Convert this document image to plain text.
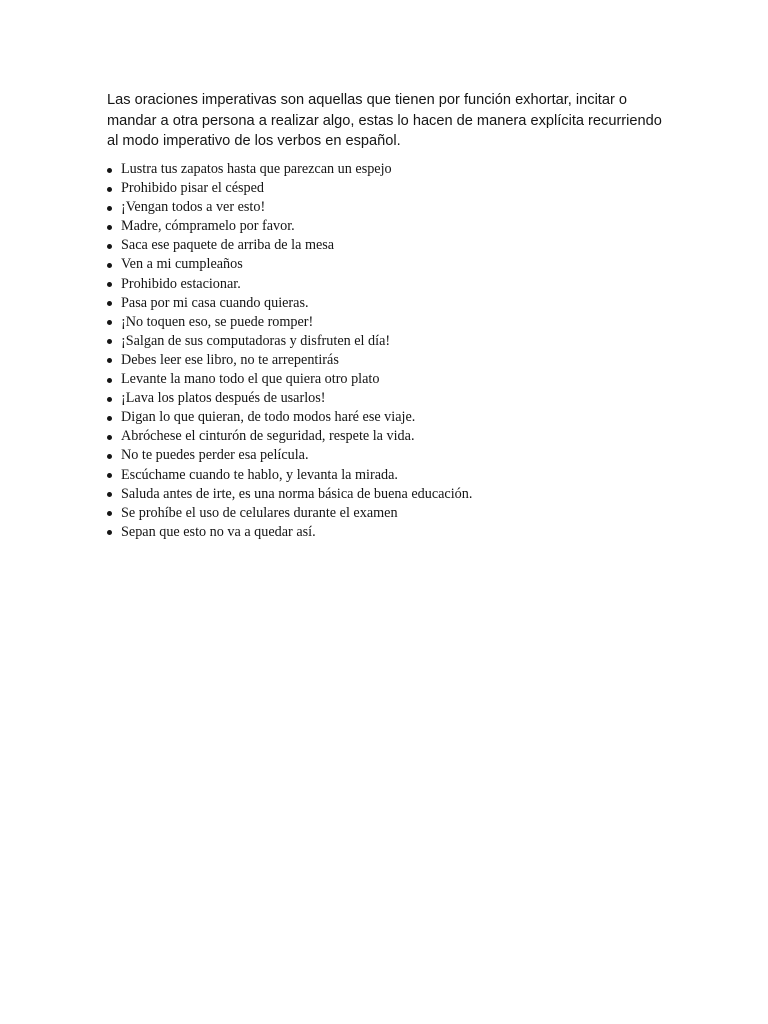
Las oraciones imperativas son aquellas que tienen por función exhortar, incitar o mandar a otra persona a realizar algo, estas lo hacen de manera explícita recurriendo al modo imperativo de los verbos en español.

Lustra tus zapatos hasta que parezcan un espejo
Prohibido pisar el césped
¡Vengan todos a ver esto!
Madre, cómpramelo por favor.
Saca ese paquete de arriba de la mesa
Ven a mi cumpleaños
Prohibido estacionar.
Pasa por mi casa cuando quieras.
¡No toquen eso, se puede romper!
¡Salgan de sus computadoras y disfruten el día!
Debes leer ese libro, no te arrepentirás
Levante la mano todo el que quiera otro plato
¡Lava los platos después de usarlos!
Digan lo que quieran, de todo modos haré ese viaje.
Abróchese el cinturón de seguridad, respete la vida.
No te puedes perder esa película.
Escúchame cuando te hablo, y levanta la mirada.
Saluda antes de irte, es una norma básica de buena educación.
Se prohíbe el uso de celulares durante el examen
Sepan que esto no va a quedar así.
